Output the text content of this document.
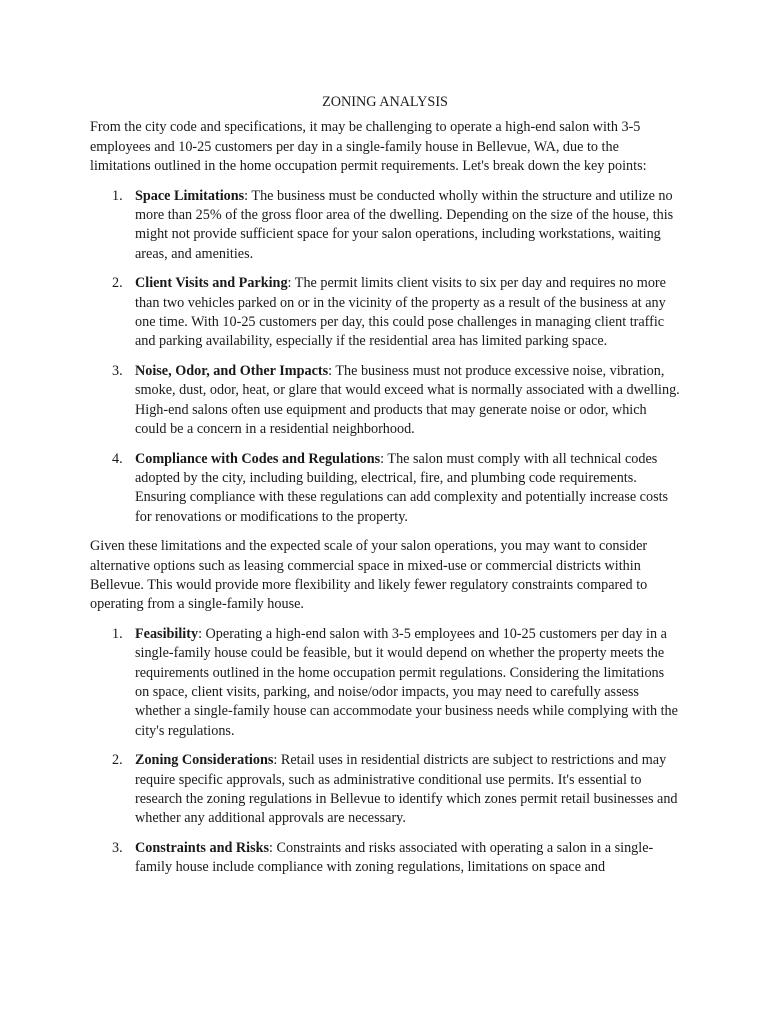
ZONING ANALYSIS

From the city code and specifications, it may be challenging to operate a high-end salon with 3-5 employees and 10-25 customers per day in a single-family house in Bellevue, WA, due to the limitations outlined in the home occupation permit requirements. Let's break down the key points:

1. Space Limitations: The business must be conducted wholly within the structure and utilize no more than 25% of the gross floor area of the dwelling. Depending on the size of the house, this might not provide sufficient space for your salon operations, including workstations, waiting areas, and amenities.
2. Client Visits and Parking: The permit limits client visits to six per day and requires no more than two vehicles parked on or in the vicinity of the property as a result of the business at any one time. With 10-25 customers per day, this could pose challenges in managing client traffic and parking availability, especially if the residential area has limited parking space.
3. Noise, Odor, and Other Impacts: The business must not produce excessive noise, vibration, smoke, dust, odor, heat, or glare that would exceed what is normally associated with a dwelling. High-end salons often use equipment and products that may generate noise or odor, which could be a concern in a residential neighborhood.
4. Compliance with Codes and Regulations: The salon must comply with all technical codes adopted by the city, including building, electrical, fire, and plumbing code requirements. Ensuring compliance with these regulations can add complexity and potentially increase costs for renovations or modifications to the property.

Given these limitations and the expected scale of your salon operations, you may want to consider alternative options such as leasing commercial space in mixed-use or commercial districts within Bellevue. This would provide more flexibility and likely fewer regulatory constraints compared to operating from a single-family house.

1. Feasibility: Operating a high-end salon with 3-5 employees and 10-25 customers per day in a single-family house could be feasible, but it would depend on whether the property meets the requirements outlined in the home occupation permit regulations. Considering the limitations on space, client visits, parking, and noise/odor impacts, you may need to carefully assess whether a single-family house can accommodate your business needs while complying with the city's regulations.
2. Zoning Considerations: Retail uses in residential districts are subject to restrictions and may require specific approvals, such as administrative conditional use permits. It's essential to research the zoning regulations in Bellevue to identify which zones permit retail businesses and whether any additional approvals are necessary.
3. Constraints and Risks: Constraints and risks associated with operating a salon in a single-family house include compliance with zoning regulations, limitations on space and
